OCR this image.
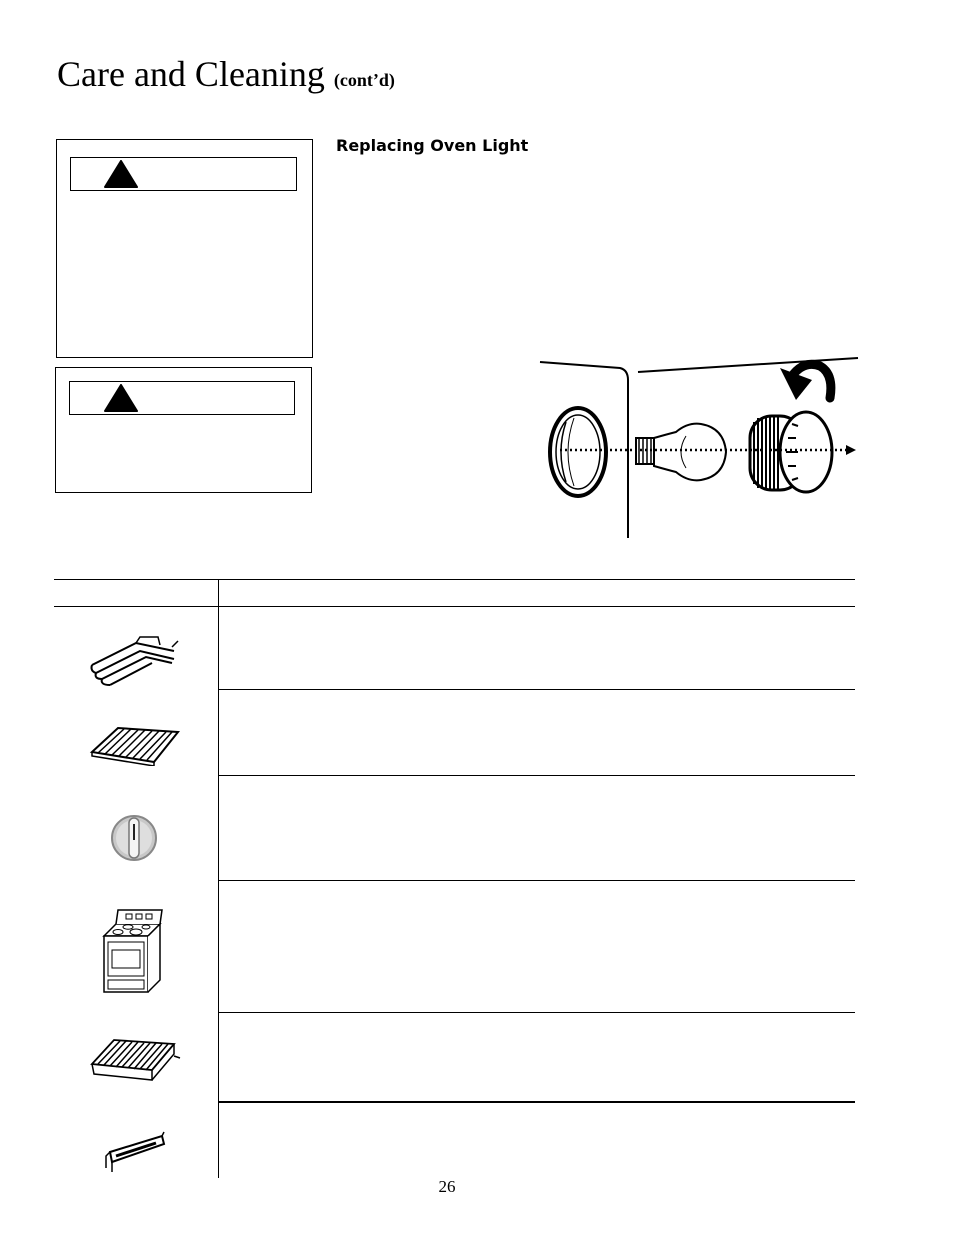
Care and Cleaning (cont’d)
Replacing Oven Light
26
